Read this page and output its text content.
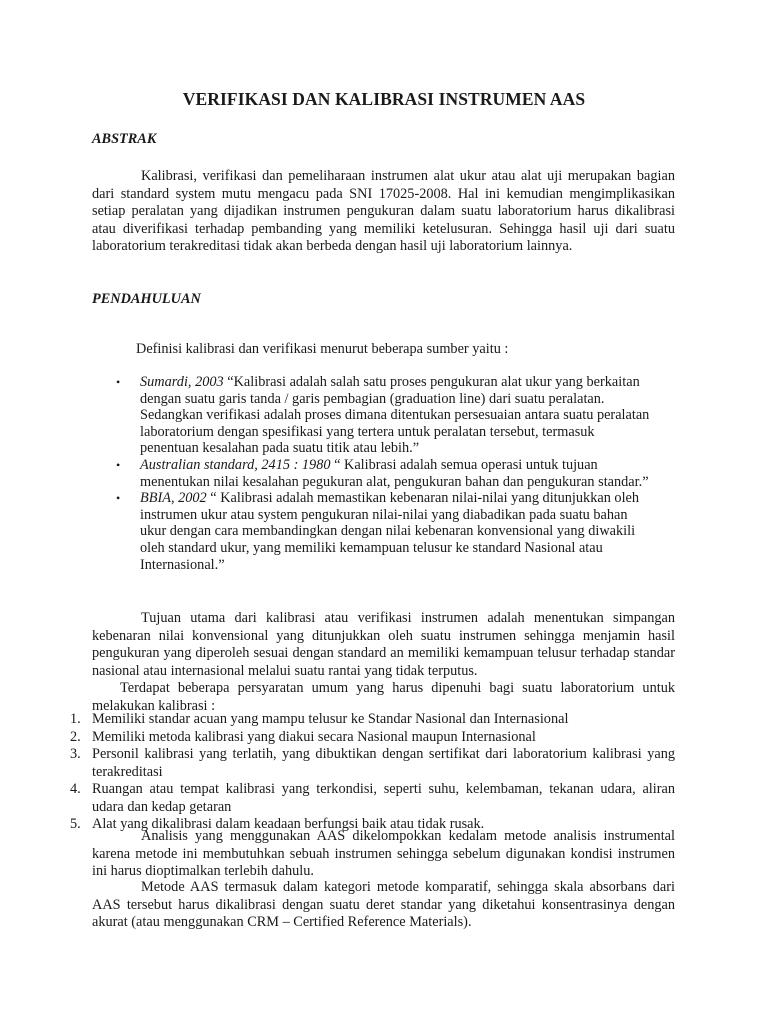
VERIFIKASI DAN KALIBRASI INSTRUMEN AAS
ABSTRAK

Kalibrasi, verifikasi dan pemeliharaan instrumen alat ukur atau alat uji merupakan bagian dari standard system mutu mengacu pada SNI 17025-2008. Hal ini kemudian mengimplikasikan setiap peralatan yang dijadikan instrumen pengukuran dalam suatu laboratorium harus dikalibrasi atau diverifikasi terhadap pembanding yang memiliki ketelusuran. Sehingga hasil uji dari suatu laboratorium terakreditasi tidak akan berbeda dengan hasil uji laboratorium lainnya.

PENDAHULUAN
Definisi kalibrasi dan verifikasi menurut beberapa sumber yaitu :
• Sumardi, 2003 “Kalibrasi adalah salah satu proses pengukuran alat ukur yang berkaitan dengan suatu garis tanda / garis pembagian (graduation line) dari suatu peralatan. Sedangkan verifikasi adalah proses dimana ditentukan persesuaian antara suatu peralatan laboratorium dengan spesifikasi yang tertera untuk peralatan tersebut, termasuk penentuan kesalahan pada suatu titik atau lebih.”
• Australian standard, 2415 : 1980 “ Kalibrasi adalah semua operasi untuk tujuan menentukan nilai kesalahan pegukuran alat, pengukuran bahan dan pengukuran standar.”
• BBIA, 2002 “ Kalibrasi adalah memastikan kebenaran nilai-nilai yang ditunjukkan oleh instrumen ukur atau system pengukuran nilai-nilai yang diabadikan pada suatu bahan ukur dengan cara membandingkan dengan nilai kebenaran konvensional yang diwakili oleh standard ukur, yang memiliki kemampuan telusur ke standard Nasional atau Internasional.”

Tujuan utama dari kalibrasi atau verifikasi instrumen adalah menentukan simpangan kebenaran nilai konvensional yang ditunjukkan oleh suatu instrumen sehingga menjamin hasil pengukuran yang diperoleh sesuai dengan standard an memiliki kemampuan telusur terhadap standar nasional atau internasional melalui suatu rantai yang tidak terputus.

Terdapat beberapa persyaratan umum yang harus dipenuhi bagi suatu laboratorium untuk melakukan kalibrasi :

1. Memiliki standar acuan yang mampu telusur ke Standar Nasional dan Internasional
2. Memiliki metoda kalibrasi yang diakui secara Nasional maupun Internasional
3. Personil kalibrasi yang terlatih, yang dibuktikan dengan sertifikat dari laboratorium kalibrasi yang terakreditasi
4. Ruangan atau tempat kalibrasi yang terkondisi, seperti suhu, kelembaman, tekanan udara, aliran udara dan kedap getaran
5. Alat yang dikalibrasi dalam keadaan berfungsi baik atau tidak rusak.

Analisis yang menggunakan AAS dikelompokkan kedalam metode analisis instrumental karena metode ini membutuhkan sebuah instrumen sehingga sebelum digunakan kondisi instrumen ini harus dioptimalkan terlebih dahulu.

Metode AAS termasuk dalam kategori metode komparatif, sehingga skala absorbans dari AAS tersebut harus dikalibrasi dengan suatu deret standar yang diketahui konsentrasinya dengan akurat (atau menggunakan CRM – Certified Reference Materials).
